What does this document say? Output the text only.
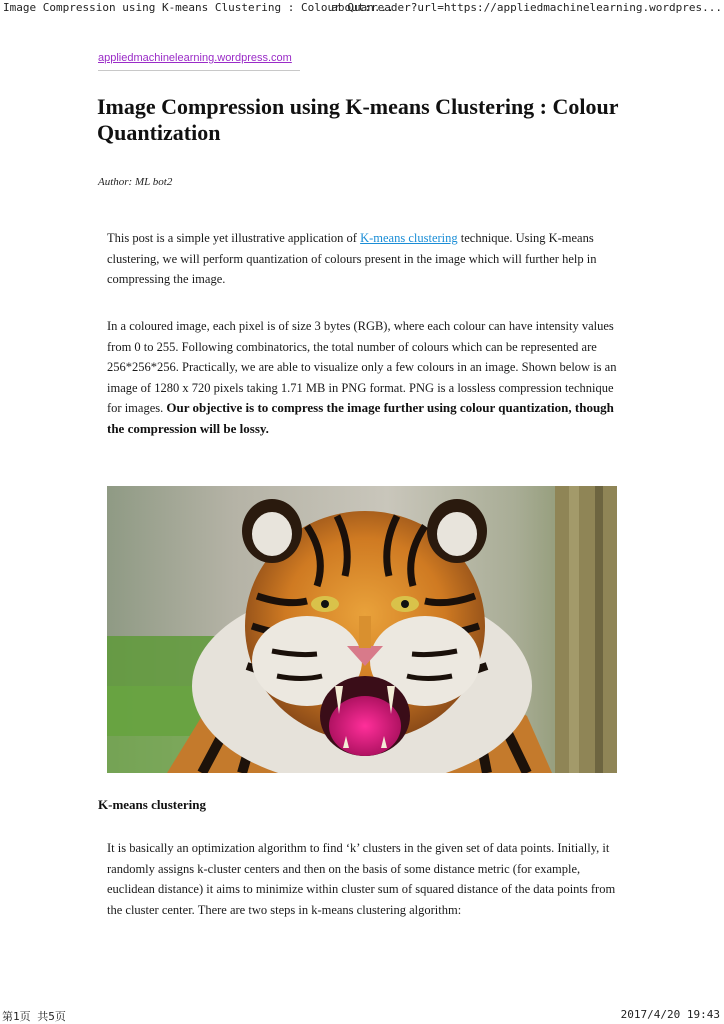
Image Compression using K-means Clustering : Colour Quan...
about:reader?url=https://appliedmachinelearning.wordpres...
appliedmachinelearning.wordpress.com
Image Compression using K-means Clustering : Colour Quantization
Author: ML bot2

This post is a simple yet illustrative application of K-means clustering technique. Using K-means clustering, we will perform quantization of colours present in the image which will further help in compressing the image.

In a coloured image, each pixel is of size 3 bytes (RGB), where each colour can have intensity values from 0 to 255. Following combinatorics, the total number of colours which can be represented are 256*256*256. Practically, we are able to visualize only a few colours in an image. Shown below is an image of 1280 x 720 pixels taking 1.71 MB in PNG format. PNG is a lossless compression technique for images. Our objective is to compress the image further using colour quantization, though the compression will be lossy.

K-means clustering

It is basically an optimization algorithm to find ‘k’ clusters in the given set of data points. Initially, it randomly assigns k-cluster centers and then on the basis of some distance metric (for example, euclidean distance) it aims to minimize within cluster sum of squared distance of the data points from the cluster center. There are two steps in k-means clustering algorithm:

第1页 共5页	2017/4/20 19:43
